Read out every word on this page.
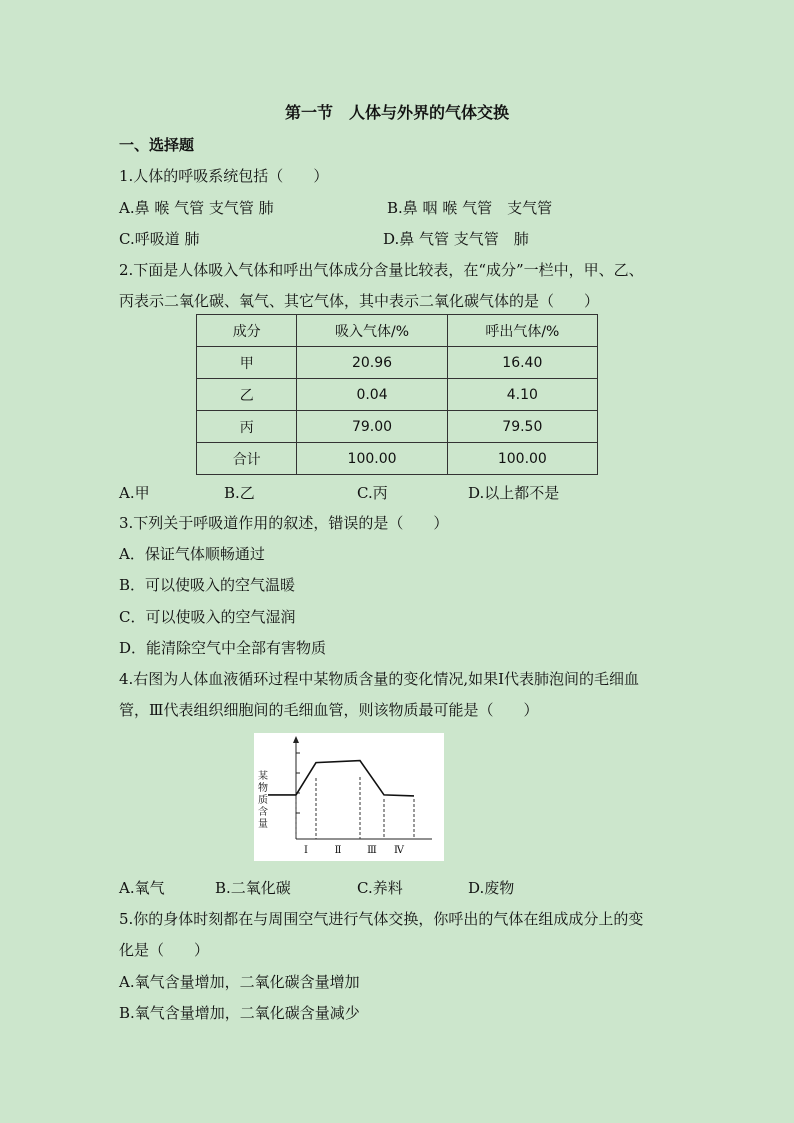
第一节　人体与外界的气体交换
一、选择题
1.人体的呼吸系统包括（　　）
A.鼻 喉 气管 支气管 肺	B.鼻 咽 喉 气管　支气管
C.呼吸道 肺	D.鼻 气管 支气管　肺
2.下面是人体吸入气体和呼出气体成分含量比较表，在“成分”一栏中，甲、乙、
丙表示二氧化碳、氧气、其它气体，其中表示二氧化碳气体的是（　　）
成分	吸入气体/%	呼出气体/%
甲	20.96	16.40
乙	0.04	4.10
丙	79.00	79.50
合计	100.00	100.00
A.甲	B.乙	C.丙	D.以上都不是
3.下列关于呼吸道作用的叙述，错误的是（　　）
A．保证气体顺畅通过
B．可以使吸入的空气温暖
C．可以使吸入的空气湿润
D．能清除空气中全部有害物质
4.右图为人体血液循环过程中某物质含量的变化情况,如果Ⅰ代表肺泡间的毛细血
管，Ⅲ代表组织细胞间的毛细血管，则该物质最可能是（　　）
某
物
质
含
量
Ⅰ	Ⅱ	Ⅲ Ⅳ
A.氧气	B.二氧化碳	C.养料	D.废物
5.你的身体时刻都在与周围空气进行气体交换，你呼出的气体在组成成分上的变
化是（　　）
A.氧气含量增加，二氧化碳含量增加
B.氧气含量增加，二氧化碳含量减少
